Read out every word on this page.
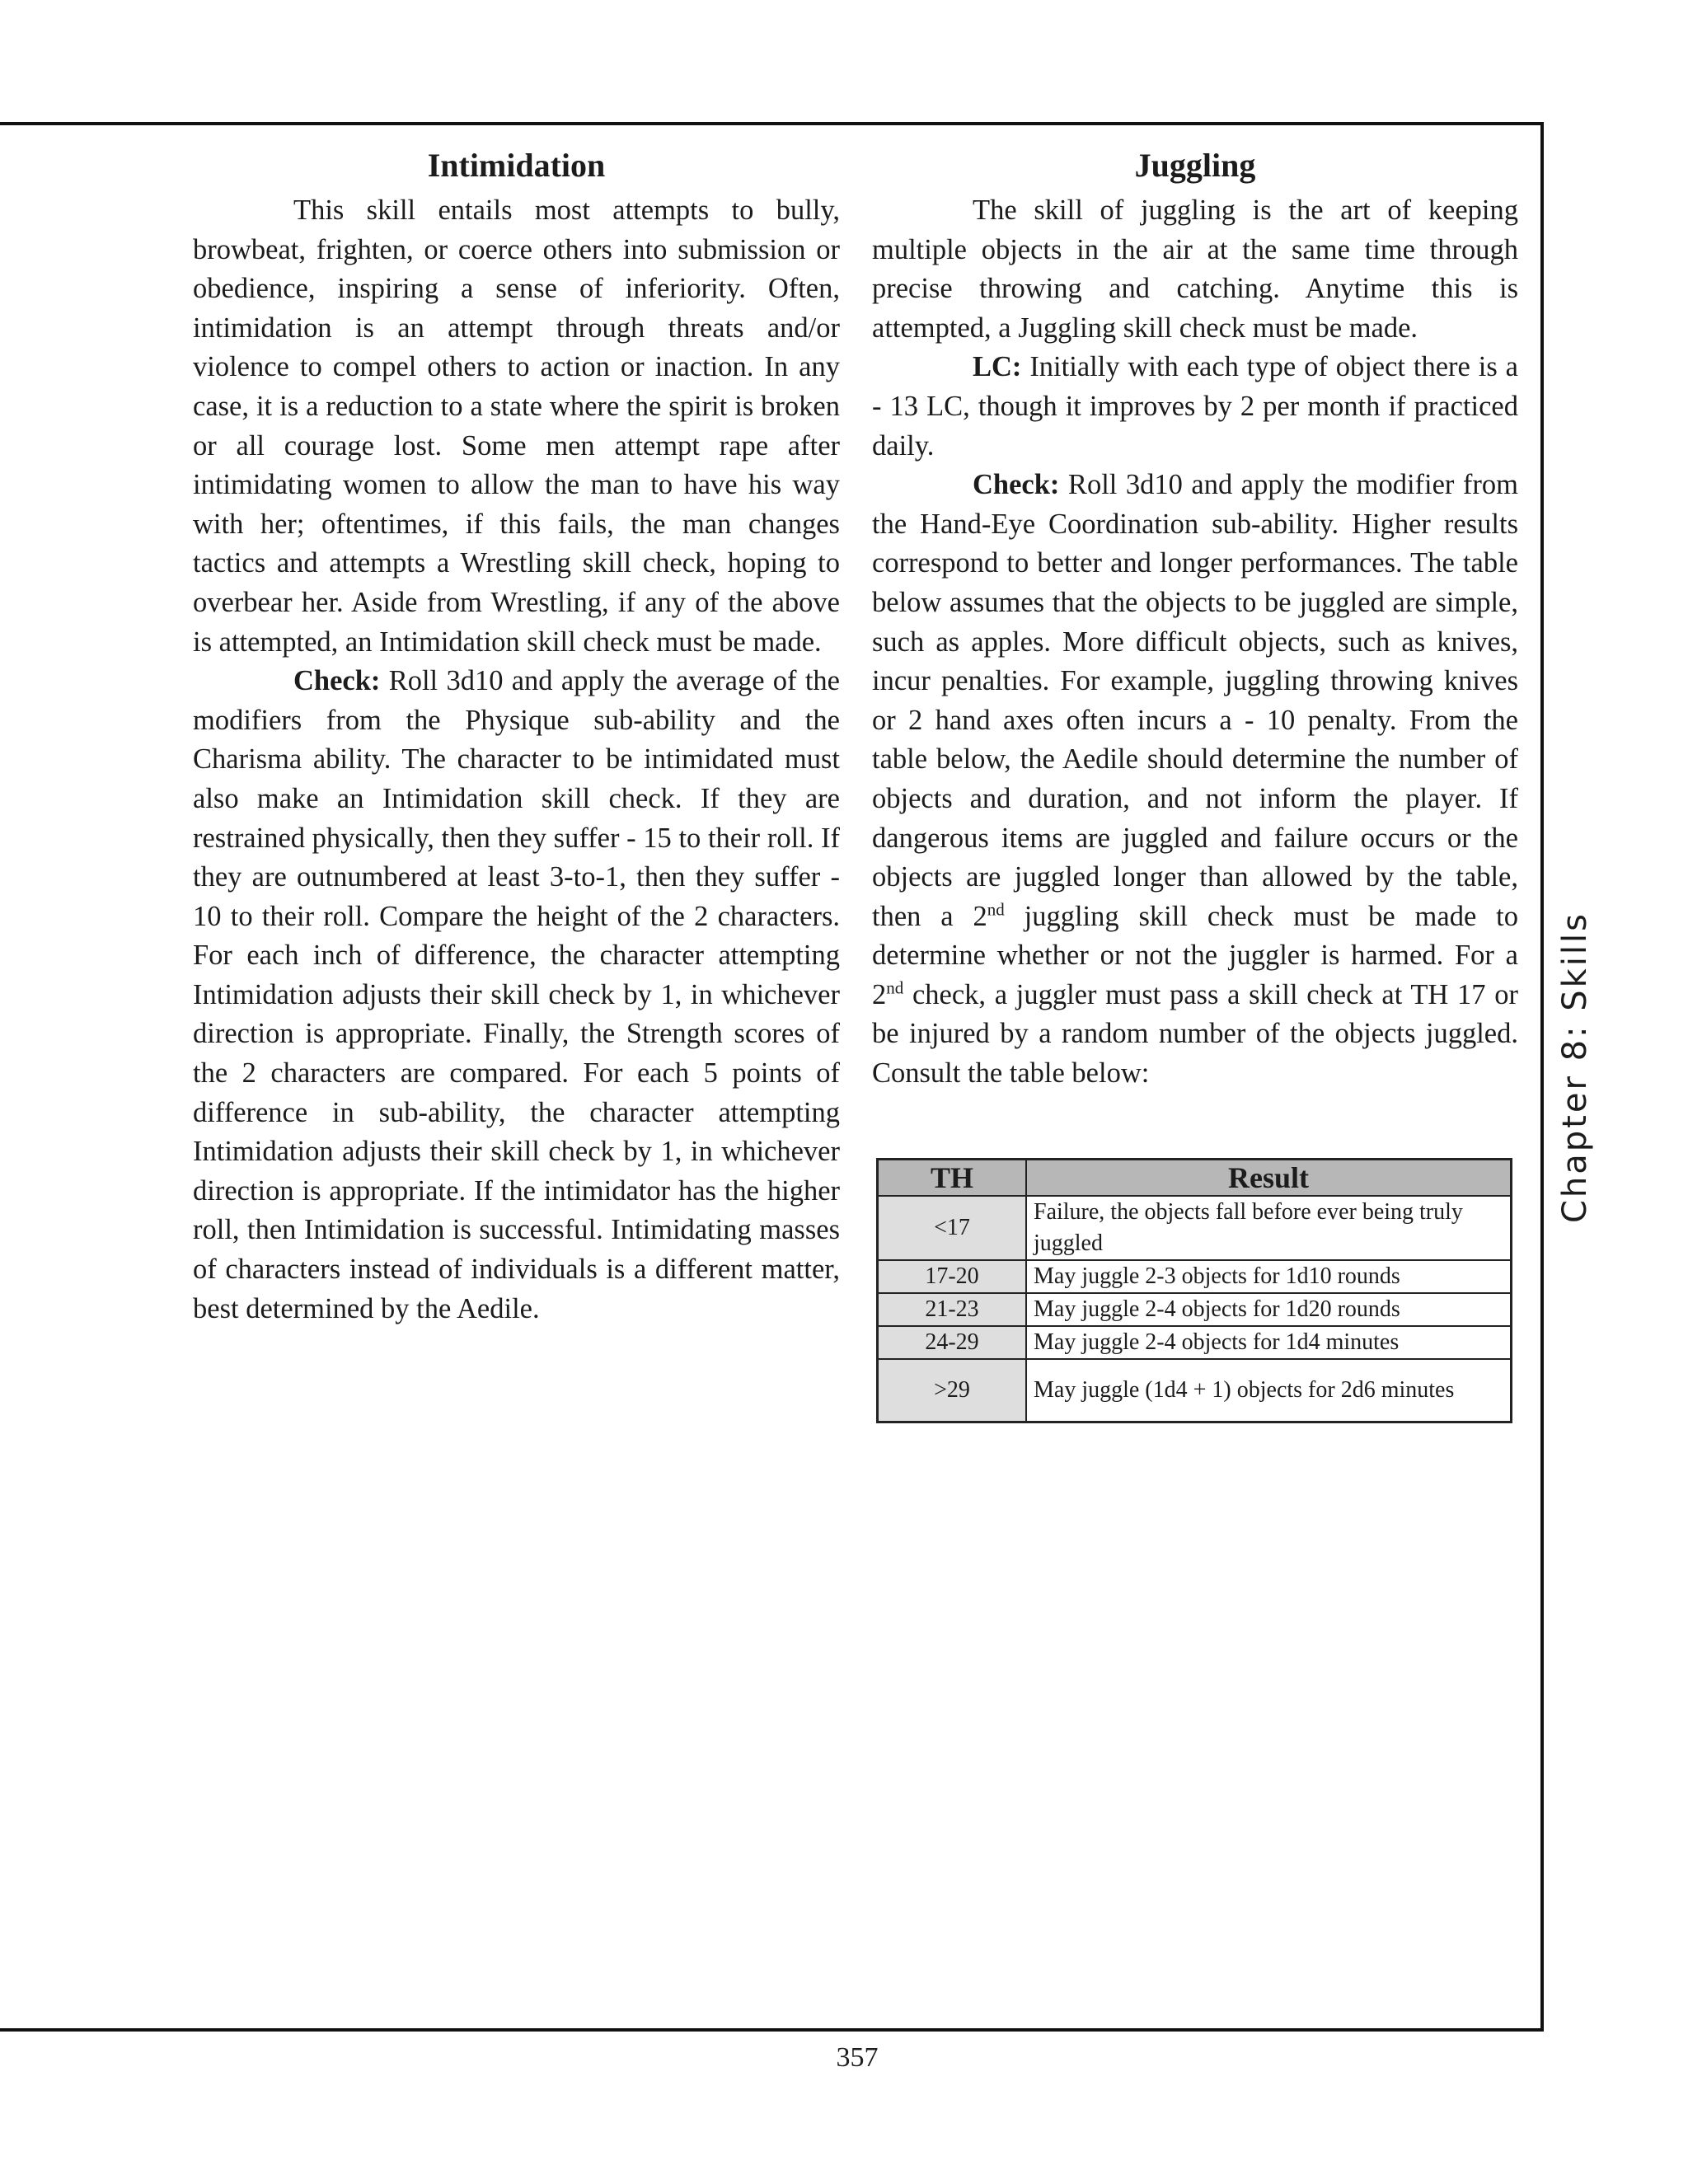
Intimidation

This skill entails most attempts to bully, browbeat, frighten, or coerce others into submission or obedience, inspiring a sense of inferiority. Often, intimidation is an attempt through threats and/or violence to compel others to action or inaction. In any case, it is a reduction to a state where the spirit is broken or all courage lost. Some men attempt rape after intimidating women to allow the man to have his way with her; oftentimes, if this fails, the man changes tactics and attempts a Wrestling skill check, hoping to overbear her. Aside from Wrestling, if any of the above is attempted, an Intimidation skill check must be made.

Check: Roll 3d10 and apply the average of the modifiers from the Physique sub-ability and the Charisma ability. The character to be intimidated must also make an Intimidation skill check. If they are restrained physically, then they suffer - 15 to their roll. If they are outnumbered at least 3-to-1, then they suffer - 10 to their roll. Compare the height of the 2 characters. For each inch of difference, the character attempting Intimidation adjusts their skill check by 1, in whichever direction is appropriate. Finally, the Strength scores of the 2 characters are compared. For each 5 points of difference in sub-ability, the character attempting Intimidation adjusts their skill check by 1, in whichever direction is appropriate. If the intimidator has the higher roll, then Intimidation is successful. Intimidating masses of characters instead of individuals is a different matter, best determined by the Aedile.

Juggling

The skill of juggling is the art of keeping multiple objects in the air at the same time through precise throwing and catching. Anytime this is attempted, a Juggling skill check must be made.

LC: Initially with each type of object there is a - 13 LC, though it improves by 2 per month if practiced daily.

Check: Roll 3d10 and apply the modifier from the Hand-Eye Coordination sub-ability. Higher results correspond to better and longer performances. The table below assumes that the objects to be juggled are simple, such as apples. More difficult objects, such as knives, incur penalties. For example, juggling throwing knives or 2 hand axes often incurs a - 10 penalty. From the table below, the Aedile should determine the number of objects and duration, and not inform the player. If dangerous items are juggled and failure occurs or the objects are juggled longer than allowed by the table, then a 2nd juggling skill check must be made to determine whether or not the juggler is harmed. For a 2nd check, a juggler must pass a skill check at TH 17 or be injured by a random number of the objects juggled. Consult the table below:

TH	Result
<17	Failure, the objects fall before ever being truly juggled
17-20	May juggle 2-3 objects for 1d10 rounds
21-23	May juggle 2-4 objects for 1d20 rounds
24-29	May juggle 2-4 objects for 1d4 minutes
>29	May juggle (1d4 + 1) objects for 2d6 minutes
Chapter 8: Skills
357
